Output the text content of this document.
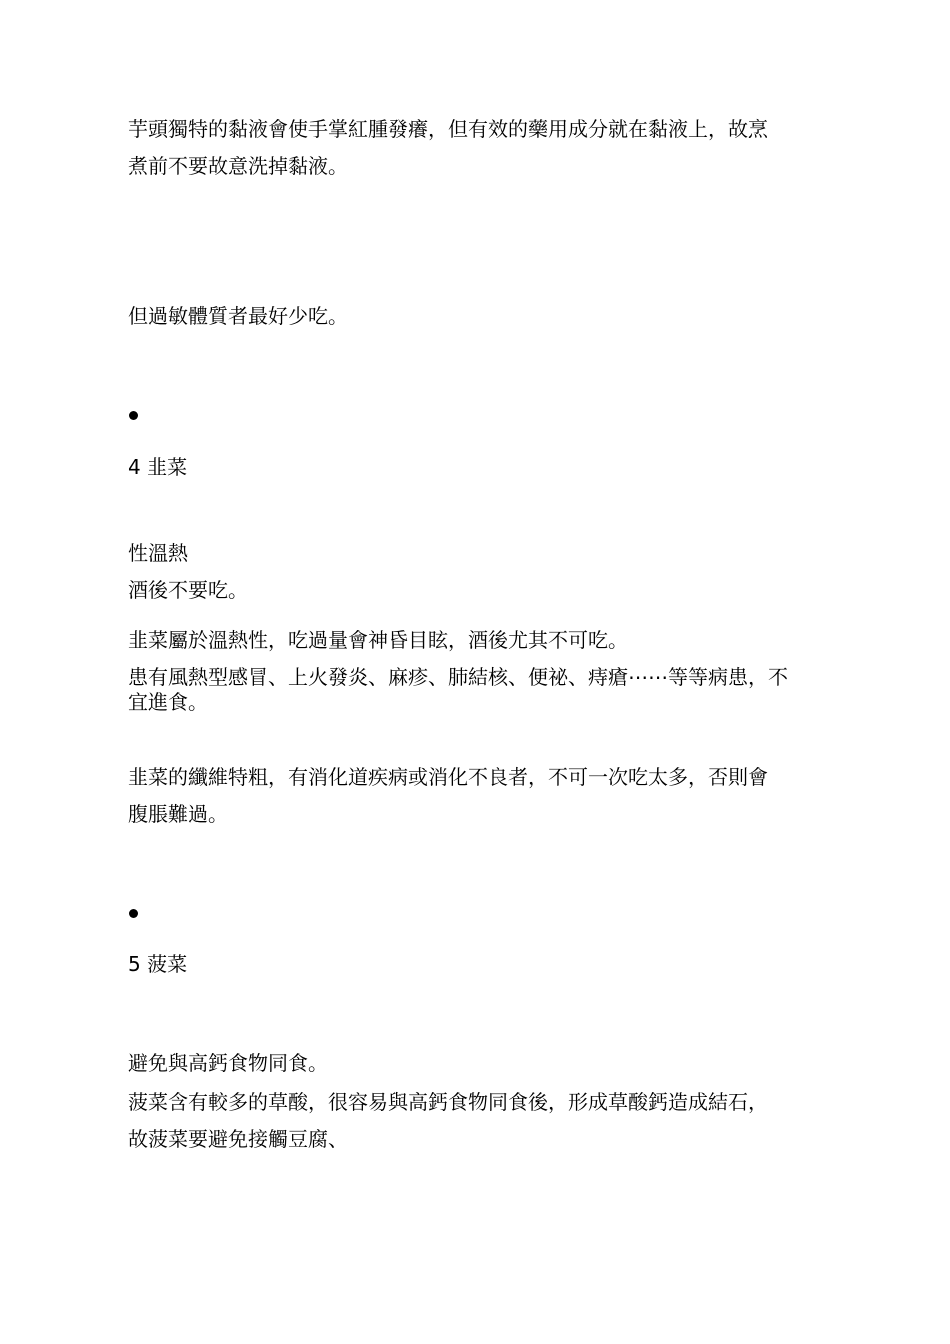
芋頭獨特的黏液會使手掌紅腫發癢，但有效的藥用成分就在黏液上，故烹
煮前不要故意洗掉黏液。
但過敏體質者最好少吃。
4 韭菜
性溫熱
酒後不要吃。
韭菜屬於溫熱性，吃過量會神昏目眩，酒後尤其不可吃。
患有風熱型感冒、上火發炎、麻疹、肺結核、便祕、痔瘡⋯⋯等等病患，不
宜進食。
韭菜的纖維特粗，有消化道疾病或消化不良者，不可一次吃太多，否則會
腹脹難過。
5 菠菜
避免與高鈣食物同食。
菠菜含有較多的草酸，很容易與高鈣食物同食後，形成草酸鈣造成結石，
故菠菜要避免接觸豆腐、
